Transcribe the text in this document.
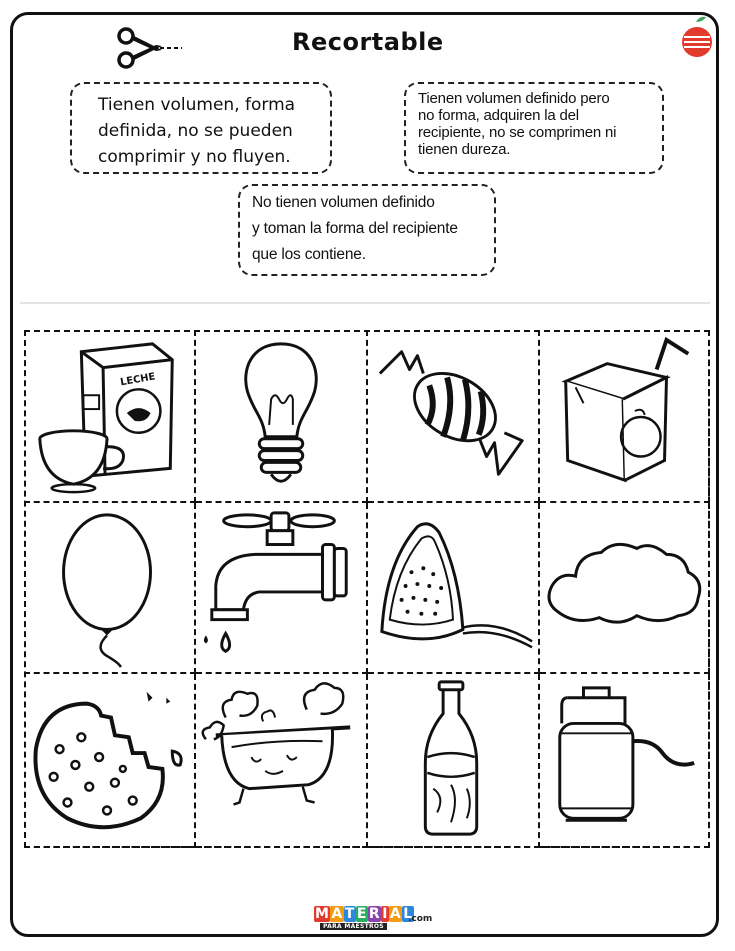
Recortable
Tienen volumen, forma
definida, no se pueden
comprimir y no fluyen.
Tienen volumen definido pero
no forma, adquiren la del
recipiente, no se comprimen ni
tienen dureza.
No tienen volumen definido
y toman la forma del recipiente
que los contiene.
LECHE
M A T E R I A L
PARA MAESTROS
.com
